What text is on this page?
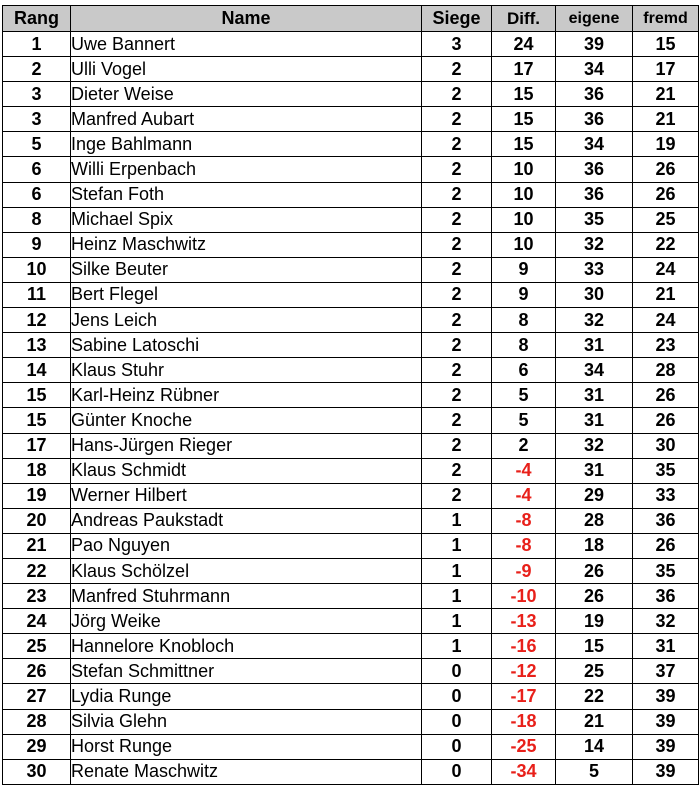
Rang	Name	Siege	Diff.	eigene	fremd
1	Uwe Bannert	3	24	39	15
2	Ulli Vogel	2	17	34	17
3	Dieter Weise	2	15	36	21
3	Manfred Aubart	2	15	36	21
5	Inge Bahlmann	2	15	34	19
6	Willi Erpenbach	2	10	36	26
6	Stefan Foth	2	10	36	26
8	Michael Spix	2	10	35	25
9	Heinz Maschwitz	2	10	32	22
10	Silke Beuter	2	9	33	24
11	Bert Flegel	2	9	30	21
12	Jens Leich	2	8	32	24
13	Sabine Latoschi	2	8	31	23
14	Klaus Stuhr	2	6	34	28
15	Karl-Heinz Rübner	2	5	31	26
15	Günter Knoche	2	5	31	26
17	Hans-Jürgen Rieger	2	2	32	30
18	Klaus Schmidt	2	-4	31	35
19	Werner Hilbert	2	-4	29	33
20	Andreas Paukstadt	1	-8	28	36
21	Pao Nguyen	1	-8	18	26
22	Klaus Schölzel	1	-9	26	35
23	Manfred Stuhrmann	1	-10	26	36
24	Jörg Weike	1	-13	19	32
25	Hannelore Knobloch	1	-16	15	31
26	Stefan Schmittner	0	-12	25	37
27	Lydia Runge	0	-17	22	39
28	Silvia Glehn	0	-18	21	39
29	Horst Runge	0	-25	14	39
30	Renate Maschwitz	0	-34	5	39
